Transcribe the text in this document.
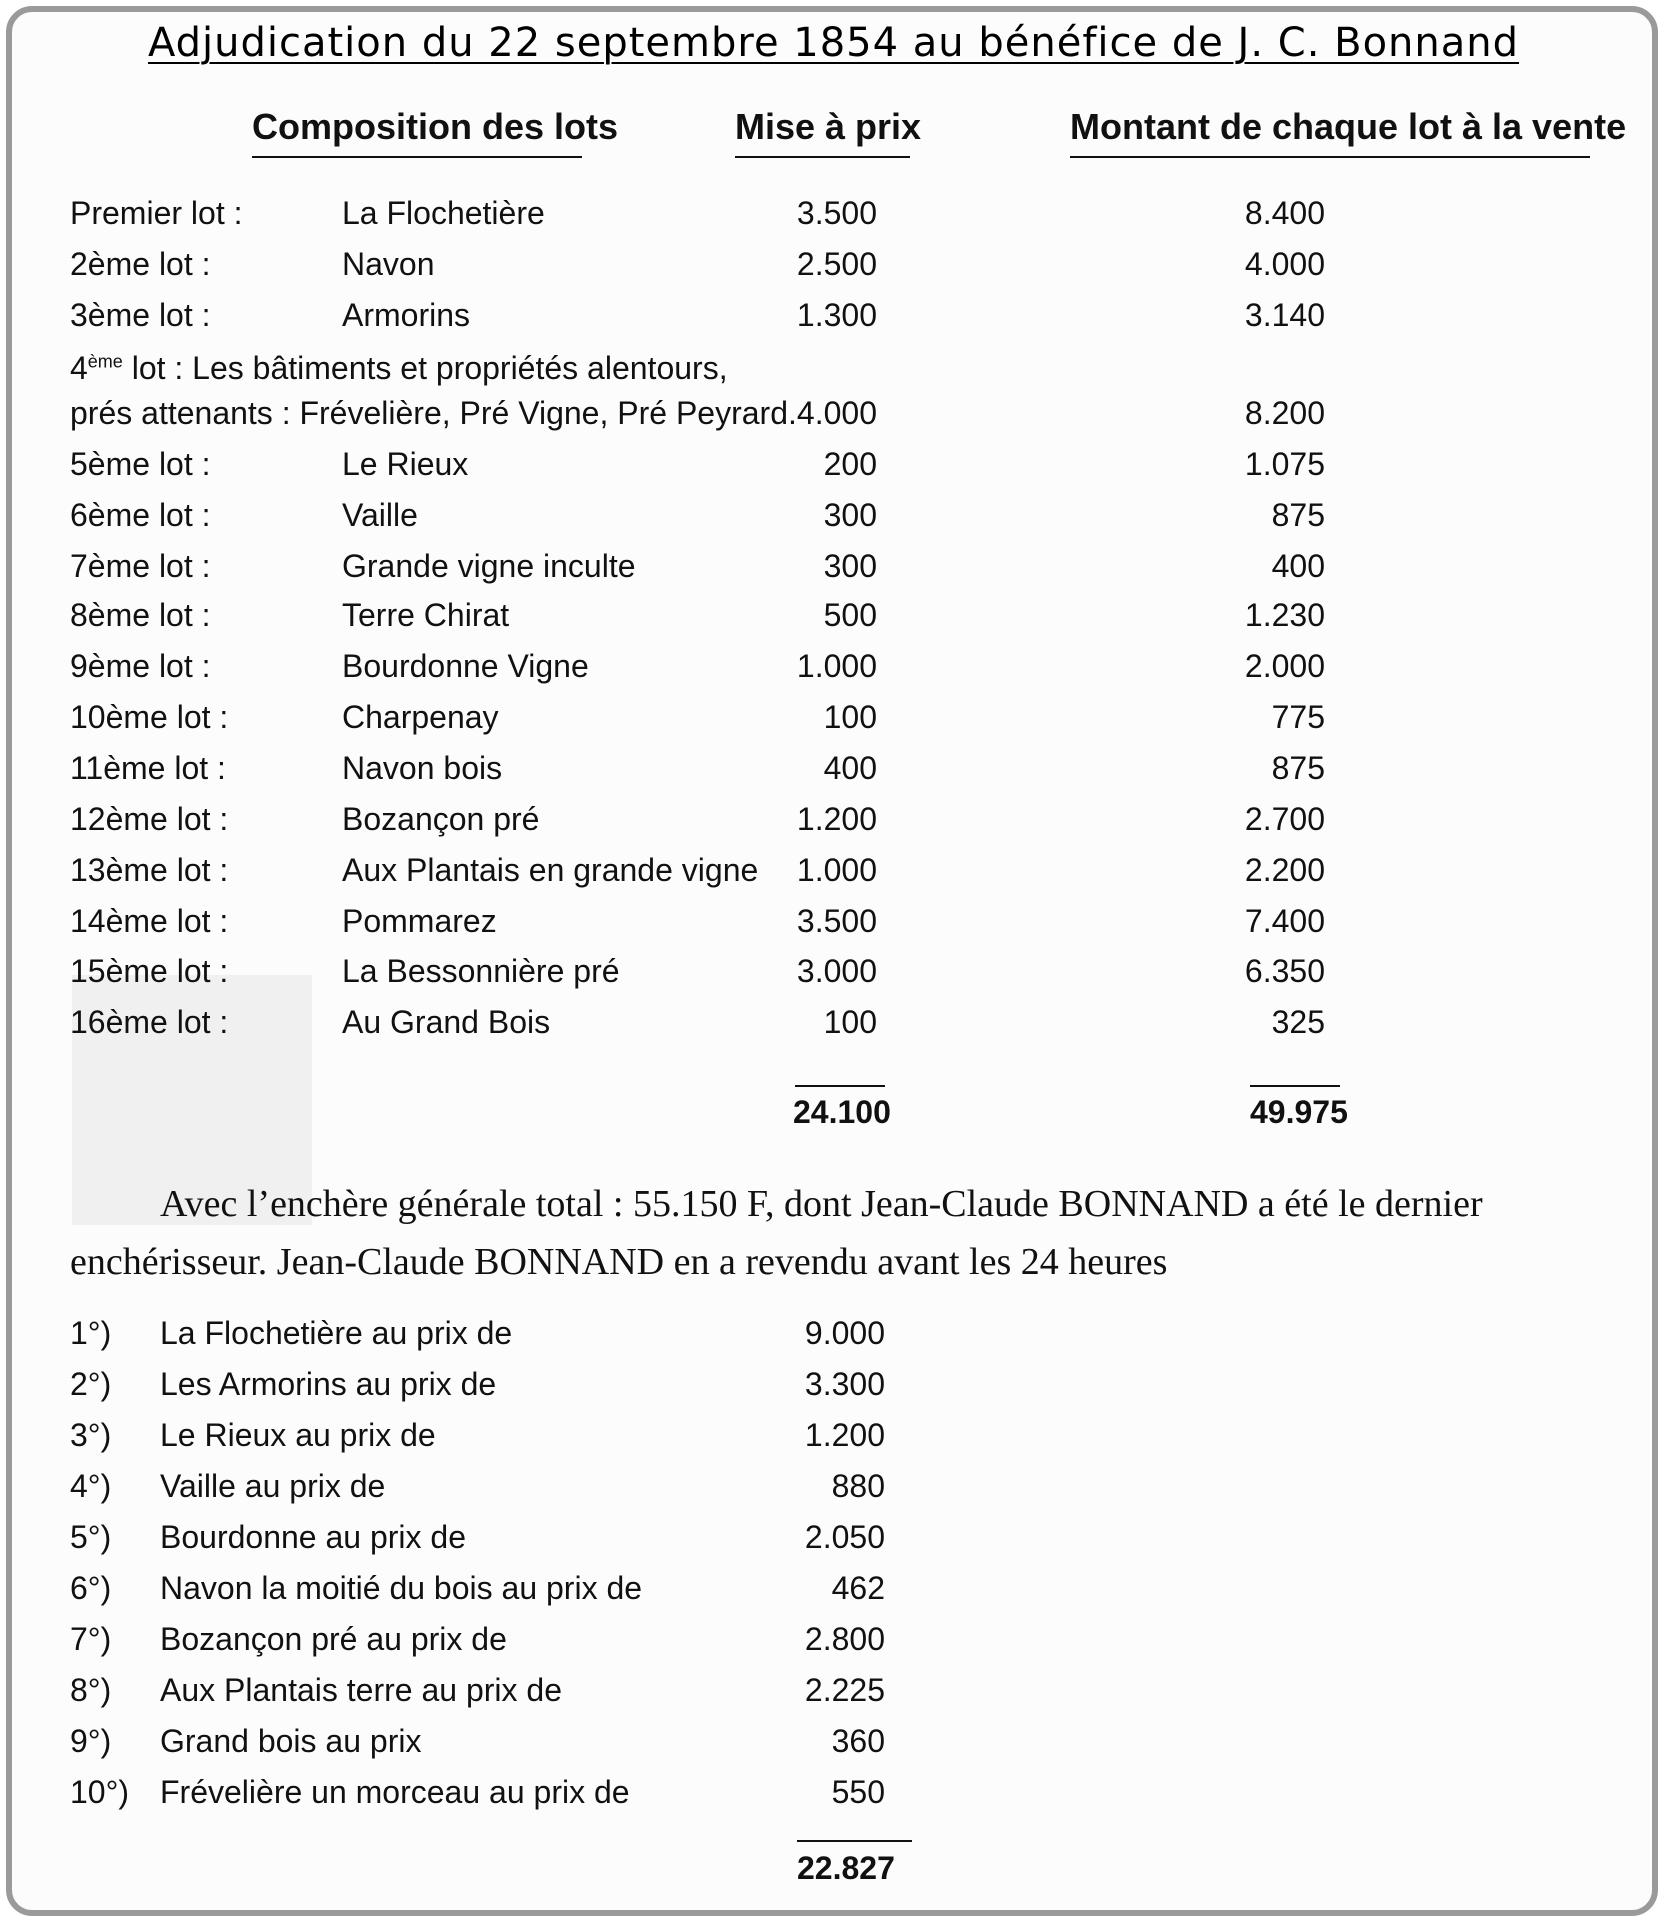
Adjudication du 22 septembre 1854 au bénéfice de J. C. Bonnand
Composition des lots	Mise à prix	Montant de chaque lot à la vente
Premier lot :	La Flochetière	3.500	8.400
2ème lot :	Navon	2.500	4.000
3ème lot :	Armorins	1.300	3.140
5ème lot :	Le Rieux	200	1.075
6ème lot :	Vaille	300	875
7ème lot :	Grande vigne inculte	300	400
8ème lot :	Terre Chirat	500	1.230
9ème lot :	Bourdonne Vigne	1.000	2.000
10ème lot :	Charpenay	100	775
11ème lot :	Navon bois	400	875
12ème lot :	Bozançon pré	1.200	2.700
13ème lot :	Aux Plantais en grande vigne 1.000	2.200
14ème lot :	Pommarez	3.500	7.400
15ème lot :	La Bessonnière pré	3.000	6.350
16ème lot :	Au Grand Bois	100	325
4ème lot : Les bâtiments et propriétés alentours,
prés attenants : Frévelière, Pré Vigne, Pré Peyrard. 4.000	8.200
24.100	49.975
Avec l’enchère générale total : 55.150 F, dont Jean-Claude BONNAND a été le dernier
enchérisseur. Jean-Claude BONNAND en a revendu avant les 24 heures
1°) La Flochetière au prix de	9.000
2°) Les Armorins au prix de	3.300
3°) Le Rieux au prix de	1.200
4°) Vaille au prix de	880
5°) Bourdonne au prix de	2.050
6°) Navon la moitié du bois au prix de	462
7°) Bozançon pré au prix de	2.800
8°) Aux Plantais terre au prix de	2.225
9°) Grand bois au prix	360
10°) Frévelière un morceau au prix de	550
22.827
